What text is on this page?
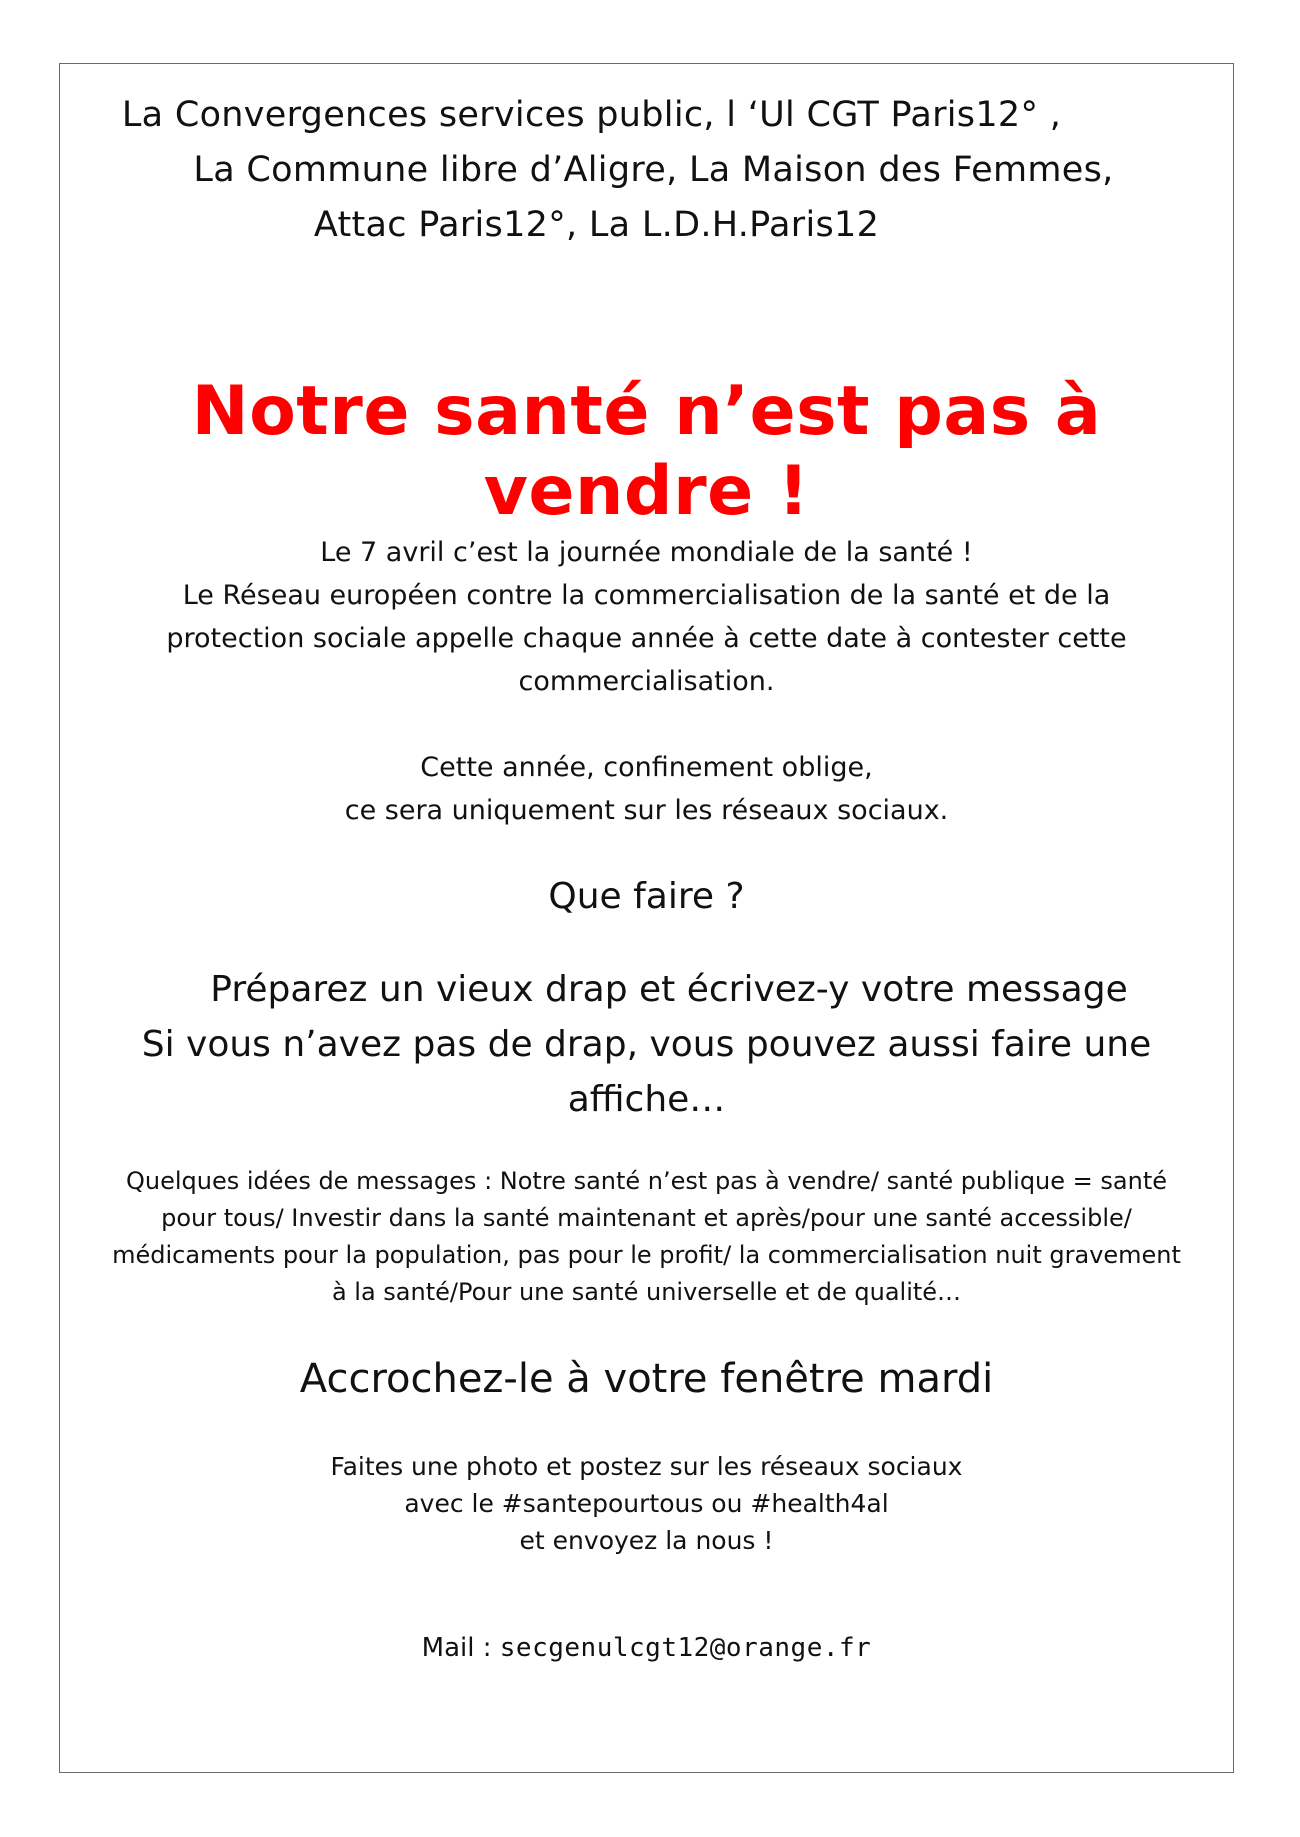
La Convergences services public, l ‘Ul CGT Paris12° ,
La Commune libre d’Aligre, La Maison des Femmes,
Attac Paris12°, La L.D.H.Paris12
Notre santé n’est pas à vendre !
Le 7 avril c’est la journée mondiale de la santé !
Le Réseau européen contre la commercialisation de la santé et de la
protection sociale appelle chaque année à cette date à contester cette
commercialisation.
Cette année, confinement oblige,
ce sera uniquement sur les réseaux sociaux.
Que faire ?
Préparez un vieux drap et écrivez-y votre message
Si vous n’avez pas de drap, vous pouvez aussi faire une
affiche…
Quelques idées de messages : Notre santé n’est pas à vendre/ santé publique = santé
pour tous/ Investir dans la santé maintenant et après/pour une santé accessible/
médicaments pour la population, pas pour le profit/ la commercialisation nuit gravement
à la santé/Pour une santé universelle et de qualité…
Accrochez-le à votre fenêtre mardi
Faites une photo et postez sur les réseaux sociaux
avec le #santepourtous ou #health4al
et envoyez la nous !
Mail : secgenulcgt12@orange.fr
